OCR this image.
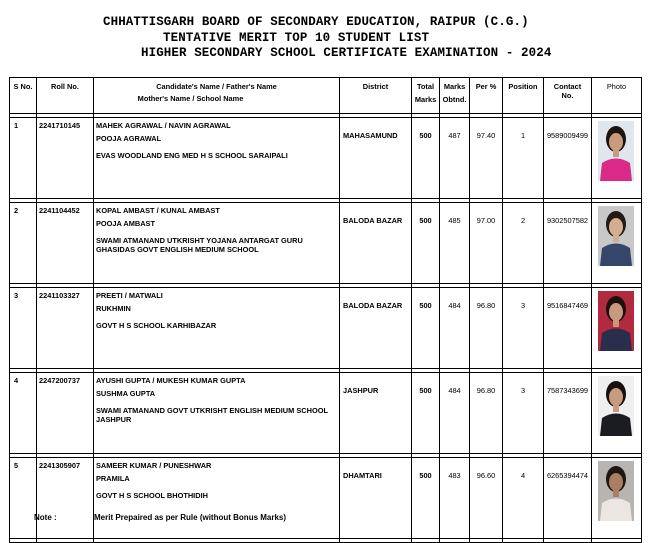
CHHATTISGARH BOARD OF SECONDARY EDUCATION, RAIPUR (C.G.)
TENTATIVE MERIT TOP 10 STUDENT LIST
HIGHER SECONDARY SCHOOL CERTIFICATE EXAMINATION - 2024
S No.	Roll No.	Candidate's Name / Father's Name
Mother's Name / School Name	District	Total
Marks	Marks
Obtnd.	Per %	Position	Contact
No.	Photo

1	2241710145	MAHEK AGRAWAL / NAVIN AGRAWAL
POOJA AGRAWAL
EVAS WOODLAND ENG MED H S SCHOOL SARAIPALI	MAHASAMUND	500	487	97.40	1	9589009499	

2	2241104452	KOPAL AMBAST / KUNAL AMBAST
POOJA AMBAST
SWAMI ATMANAND UTKRISHT YOJANA ANTARGAT GURU GHASIDAS GOVT ENGLISH MEDIUM SCHOOL	BALODA BAZAR	500	485	97.00	2	9302507582	

3	2241103327	PREETI / MATWALI
RUKHMIN
GOVT H S SCHOOL KARHIBAZAR	BALODA BAZAR	500	484	96.80	3	9516847469	

4	2247200737	AYUSHI GUPTA / MUKESH KUMAR GUPTA
SUSHMA GUPTA
SWAMI ATMANAND GOVT UTKRISHT ENGLISH MEDIUM SCHOOL JASHPUR	JASHPUR	500	484	96.80	3	7587343699	

5	2241305907	SAMEER KUMAR / PUNESHWAR
PRAMILA
GOVT H S SCHOOL BHOTHIDIH	DHAMTARI	500	483	96.60	4	6265394474	

Note :	Merit Prepaired as per Rule (without Bonus Marks)
